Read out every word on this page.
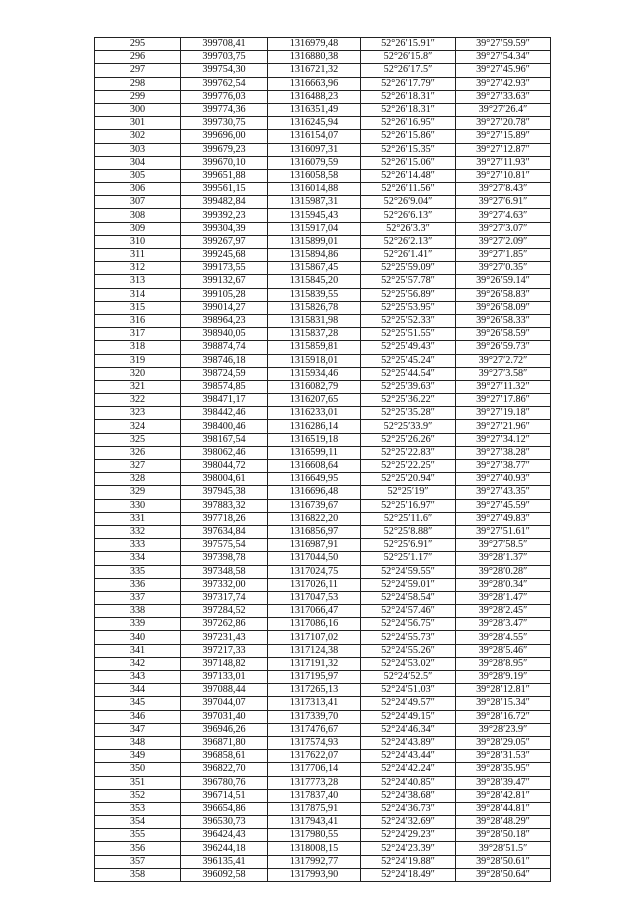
295	399708,41	1316979,48	52°26′15.91″	39°27′59.59″
296	399703,75	1316880,38	52°26′15.8″	39°27′54.34″
297	399754,30	1316721,32	52°26′17.5″	39°27′45.96″
298	399762,54	1316663,96	52°26′17.79″	39°27′42.93″
299	399776,03	1316488,23	52°26′18.31″	39°27′33.63″
300	399774,36	1316351,49	52°26′18.31″	39°27′26.4″
301	399730,75	1316245,94	52°26′16.95″	39°27′20.78″
302	399696,00	1316154,07	52°26′15.86″	39°27′15.89″
303	399679,23	1316097,31	52°26′15.35″	39°27′12.87″
304	399670,10	1316079,59	52°26′15.06″	39°27′11.93″
305	399651,88	1316058,58	52°26′14.48″	39°27′10.81″
306	399561,15	1316014,88	52°26′11.56″	39°27′8.43″
307	399482,84	1315987,31	52°26′9.04″	39°27′6.91″
308	399392,23	1315945,43	52°26′6.13″	39°27′4.63″
309	399304,39	1315917,04	52°26′3.3″	39°27′3.07″
310	399267,97	1315899,01	52°26′2.13″	39°27′2.09″
311	399245,68	1315894,86	52°26′1.41″	39°27′1.85″
312	399173,55	1315867,45	52°25′59.09″	39°27′0.35″
313	399132,67	1315845,20	52°25′57.78″	39°26′59.14″
314	399105,28	1315839,55	52°25′56.89″	39°26′58.83″
315	399014,27	1315826,78	52°25′53.95″	39°26′58.09″
316	398964,23	1315831,98	52°25′52.33″	39°26′58.33″
317	398940,05	1315837,28	52°25′51.55″	39°26′58.59″
318	398874,74	1315859,81	52°25′49.43″	39°26′59.73″
319	398746,18	1315918,01	52°25′45.24″	39°27′2.72″
320	398724,59	1315934,46	52°25′44.54″	39°27′3.58″
321	398574,85	1316082,79	52°25′39.63″	39°27′11.32″
322	398471,17	1316207,65	52°25′36.22″	39°27′17.86″
323	398442,46	1316233,01	52°25′35.28″	39°27′19.18″
324	398400,46	1316286,14	52°25′33.9″	39°27′21.96″
325	398167,54	1316519,18	52°25′26.26″	39°27′34.12″
326	398062,46	1316599,11	52°25′22.83″	39°27′38.28″
327	398044,72	1316608,64	52°25′22.25″	39°27′38.77″
328	398004,61	1316649,95	52°25′20.94″	39°27′40.93″
329	397945,38	1316696,48	52°25′19″	39°27′43.35″
330	397883,32	1316739,67	52°25′16.97″	39°27′45.59″
331	397718,26	1316822,20	52°25′11.6″	39°27′49.83″
332	397634,84	1316856,97	52°25′8.88″	39°27′51.61″
333	397575,54	1316987,91	52°25′6.91″	39°27′58.5″
334	397398,78	1317044,50	52°25′1.17″	39°28′1.37″
335	397348,58	1317024,75	52°24′59.55″	39°28′0.28″
336	397332,00	1317026,11	52°24′59.01″	39°28′0.34″
337	397317,74	1317047,53	52°24′58.54″	39°28′1.47″
338	397284,52	1317066,47	52°24′57.46″	39°28′2.45″
339	397262,86	1317086,16	52°24′56.75″	39°28′3.47″
340	397231,43	1317107,02	52°24′55.73″	39°28′4.55″
341	397217,33	1317124,38	52°24′55.26″	39°28′5.46″
342	397148,82	1317191,32	52°24′53.02″	39°28′8.95″
343	397133,01	1317195,97	52°24′52.5″	39°28′9.19″
344	397088,44	1317265,13	52°24′51.03″	39°28′12.81″
345	397044,07	1317313,41	52°24′49.57″	39°28′15.34″
346	397031,40	1317339,70	52°24′49.15″	39°28′16.72″
347	396946,26	1317476,67	52°24′46.34″	39°28′23.9″
348	396871,80	1317574,93	52°24′43.89″	39°28′29.05″
349	396858,61	1317622,07	52°24′43.44″	39°28′31.53″
350	396822,70	1317706,14	52°24′42.24″	39°28′35.95″
351	396780,76	1317773,28	52°24′40.85″	39°28′39.47″
352	396714,51	1317837,40	52°24′38.68″	39°28′42.81″
353	396654,86	1317875,91	52°24′36.73″	39°28′44.81″
354	396530,73	1317943,41	52°24′32.69″	39°28′48.29″
355	396424,43	1317980,55	52°24′29.23″	39°28′50.18″
356	396244,18	1318008,15	52°24′23.39″	39°28′51.5″
357	396135,41	1317992,77	52°24′19.88″	39°28′50.61″
358	396092,58	1317993,90	52°24′18.49″	39°28′50.64″
